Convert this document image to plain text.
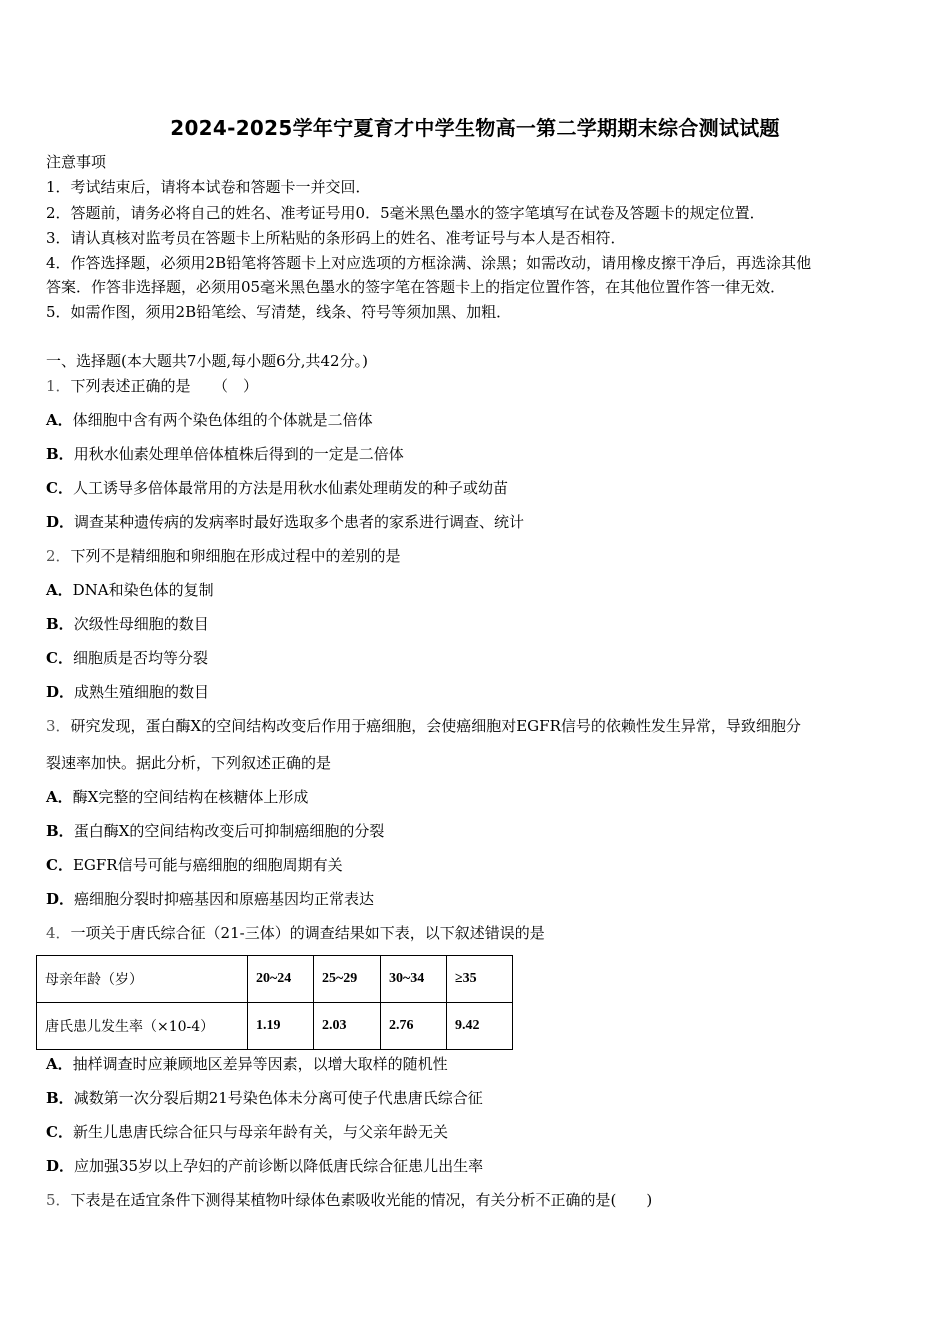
2024-2025学年宁夏育才中学生物高一第二学期期末综合测试试题
注意事项
1．考试结束后，请将本试卷和答题卡一并交回．
2．答题前，请务必将自己的姓名、准考证号用0．5毫米黑色墨水的签字笔填写在试卷及答题卡的规定位置．
3．请认真核对监考员在答题卡上所粘贴的条形码上的姓名、准考证号与本人是否相符．
4．作答选择题，必须用2B铅笔将答题卡上对应选项的方框涂满、涂黑；如需改动，请用橡皮擦干净后，再选涂其他
答案．作答非选择题，必须用05毫米黑色墨水的签字笔在答题卡上的指定位置作答，在其他位置作答一律无效．
5．如需作图，须用2B铅笔绘、写清楚，线条、符号等须加黑、加粗．
一、选择题(本大题共7小题,每小题6分,共42分。)
1．下列表述正确的是　　（　）
A．体细胞中含有两个染色体组的个体就是二倍体
B．用秋水仙素处理单倍体植株后得到的一定是二倍体
C．人工诱导多倍体最常用的方法是用秋水仙素处理萌发的种子或幼苗
D．调查某种遗传病的发病率时最好选取多个患者的家系进行调查、统计
2．下列不是精细胞和卵细胞在形成过程中的差别的是
A．DNA和染色体的复制
B．次级性母细胞的数目
C．细胞质是否均等分裂
D．成熟生殖细胞的数目
3．研究发现，蛋白酶X的空间结构改变后作用于癌细胞，会使癌细胞对EGFR信号的依赖性发生异常，导致细胞分
裂速率加快。据此分析，下列叙述正确的是
A．酶X完整的空间结构在核糖体上形成
B．蛋白酶X的空间结构改变后可抑制癌细胞的分裂
C．EGFR信号可能与癌细胞的细胞周期有关
D．癌细胞分裂时抑癌基因和原癌基因均正常表达
4．一项关于唐氏综合征（21-三体）的调查结果如下表，以下叙述错误的是
母亲年龄（岁）	20~24	25~29	30~34	≥35
唐氏患儿发生率（×10-4）	1.19	2.03	2.76	9.42
A．抽样调查时应兼顾地区差异等因素，以增大取样的随机性
B．减数第一次分裂后期21号染色体未分离可使子代患唐氏综合征
C．新生儿患唐氏综合征只与母亲年龄有关，与父亲年龄无关
D．应加强35岁以上孕妇的产前诊断以降低唐氏综合征患儿出生率
5．下表是在适宜条件下测得某植物叶绿体色素吸收光能的情况，有关分析不正确的是(　　)
